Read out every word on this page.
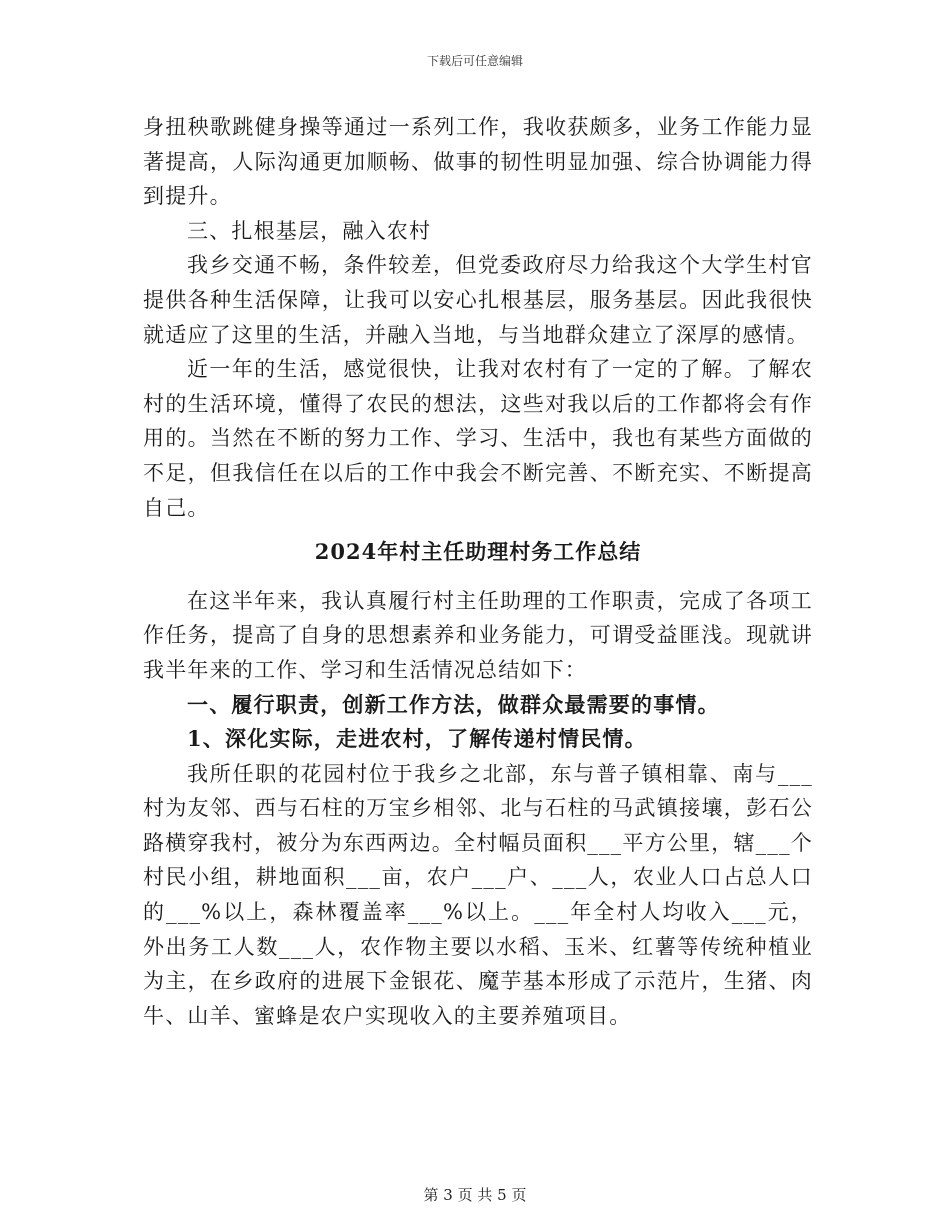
下载后可任意编辑

身扭秧歌跳健身操等通过一系列工作，我收获颇多，业务工作能力显著提高，人际沟通更加顺畅、做事的韧性明显加强、综合协调能力得到提升。

三、扎根基层，融入农村

我乡交通不畅，条件较差，但党委政府尽力给我这个大学生村官提供各种生活保障，让我可以安心扎根基层，服务基层。因此我很快就适应了这里的生活，并融入当地，与当地群众建立了深厚的感情。

近一年的生活，感觉很快，让我对农村有了一定的了解。了解农村的生活环境，懂得了农民的想法，这些对我以后的工作都将会有作用的。当然在不断的努力工作、学习、生活中，我也有某些方面做的不足，但我信任在以后的工作中我会不断完善、不断充实、不断提高自己。

2024年村主任助理村务工作总结

在这半年来，我认真履行村主任助理的工作职责，完成了各项工作任务，提高了自身的思想素养和业务能力，可谓受益匪浅。现就讲我半年来的工作、学习和生活情况总结如下：

一、履行职责，创新工作方法，做群众最需要的事情。

1、深化实际，走进农村，了解传递村情民情。

我所任职的花园村位于我乡之北部，东与普子镇相靠、南与___村为友邻、西与石柱的万宝乡相邻、北与石柱的马武镇接壤，彭石公路横穿我村，被分为东西两边。全村幅员面积___平方公里，辖___个村民小组，耕地面积___亩，农户___户、___人，农业人口占总人口的___%以上，森林覆盖率___%以上。___年全村人均收入___元，外出务工人数___人，农作物主要以水稻、玉米、红薯等传统种植业为主，在乡政府的进展下金银花、魔芋基本形成了示范片，生猪、肉牛、山羊、蜜蜂是农户实现收入的主要养殖项目。

第 3 页 共 5 页
